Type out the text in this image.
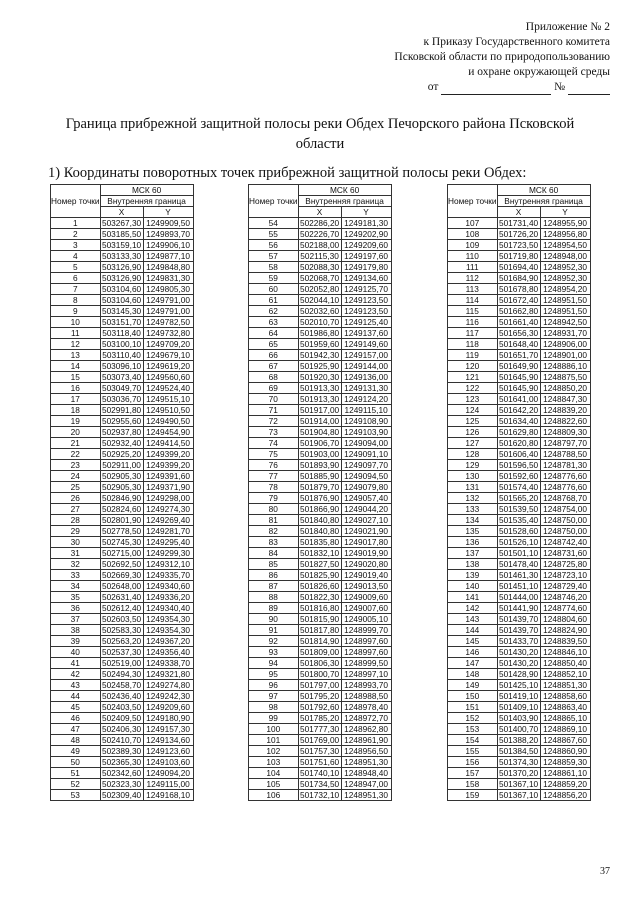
Приложение № 2
к Приказу Государственного комитета
Псковской области по природопользованию
и охране окружающей среды
от	№
Граница прибрежной защитной полосы реки Обдех Печорского района Псковской области
1) Координаты поворотных точек прибрежной защитной полосы реки Обдех:
Номер точки	МСК 60	
	Внутренняя граница	
	X	Y
1	503267,30	1249909,50
2	503185,50	1249893,70
3	503159,10	1249906,10
4	503133,30	1249877,10
5	503126,90	1249848,80
6	503126,90	1249831,30
7	503104,60	1249805,30
8	503104,60	1249791,00
9	503145,30	1249791,00
10	503151,70	1249782,50
11	503118,40	1249732,80
12	503100,10	1249709,20
13	503110,40	1249679,10
14	503096,10	1249619,20
15	503073,40	1249560,60
16	503049,70	1249524,40
17	503036,70	1249515,10
18	502991,80	1249510,50
19	502955,60	1249490,50
20	502937,80	1249454,90
21	502932,40	1249414,50
22	502925,20	1249399,20
23	502911,00	1249399,20
24	502905,30	1249391,60
25	502905,30	1249371,90
26	502846,90	1249298,00
27	502824,60	1249274,30
28	502801,90	1249269,40
29	502778,50	1249281,70
30	502745,30	1249295,40
31	502715,00	1249299,30
32	502692,50	1249312,10
33	502669,30	1249335,70
34	502648,00	1249340,60
35	502631,40	1249336,20
36	502612,40	1249340,40
37	502603,50	1249354,30
38	502583,30	1249354,30
39	502563,20	1249367,20
40	502537,30	1249356,40
41	502519,00	1249338,70
42	502494,30	1249321,80
43	502458,70	1249274,80
44	502436,40	1249242,30
45	502403,50	1249209,60
46	502409,50	1249180,90
47	502406,30	1249157,30
48	502410,70	1249134,60
49	502389,30	1249123,60
50	502365,30	1249103,60
51	502342,60	1249094,20
52	502323,30	1249115,00
53	502309,40	1249168,10
Номер точки	МСК 60	
	Внутренняя граница	
	X	Y
54	502286,20	1249181,30
55	502226,70	1249202,90
56	502188,00	1249209,60
57	502115,30	1249197,60
58	502088,30	1249179,80
59	502068,70	1249134,60
60	502052,80	1249125,70
61	502044,10	1249123,50
62	502032,60	1249123,50
63	502010,70	1249125,40
64	501986,80	1249137,60
65	501959,60	1249149,60
66	501942,30	1249157,00
67	501925,90	1249144,00
68	501920,30	1249136,00
69	501913,30	1249131,30
70	501913,30	1249124,20
71	501917,00	1249115,10
72	501914,00	1249108,90
73	501904,80	1249103,90
74	501906,70	1249094,00
75	501903,00	1249091,10
76	501893,90	1249097,70
77	501885,90	1249094,50
78	501879,70	1249079,80
79	501876,90	1249057,40
80	501866,90	1249044,20
81	501840,80	1249027,10
82	501840,80	1249021,90
83	501835,80	1249017,80
84	501832,10	1249019,90
85	501827,50	1249020,80
86	501825,90	1249019,40
87	501826,60	1249013,50
88	501822,30	1249009,60
89	501816,80	1249007,60
90	501815,90	1249005,10
91	501817,80	1248999,70
92	501814,90	1248997,60
93	501809,00	1248997,60
94	501806,30	1248999,50
95	501800,70	1248997,10
96	501797,00	1248993,70
97	501795,20	1248988,50
98	501792,60	1248978,40
99	501785,20	1248972,70
100	501777,30	1248962,80
101	501769,00	1248961,90
102	501757,30	1248956,50
103	501751,60	1248951,30
104	501740,10	1248948,40
105	501734,50	1248947,00
106	501732,10	1248951,30
Номер точки	МСК 60	
	Внутренняя граница	
	X	Y
107	501731,40	1248955,90
108	501726,20	1248956,80
109	501723,50	1248954,50
110	501719,80	1248948,00
111	501694,40	1248952,30
112	501684,90	1248952,30
113	501678,80	1248954,20
114	501672,40	1248951,50
115	501662,80	1248951,50
116	501661,40	1248942,50
117	501656,30	1248931,70
118	501648,40	1248906,00
119	501651,70	1248901,00
120	501649,90	1248886,10
121	501645,90	1248875,50
122	501645,90	1248850,20
123	501641,00	1248847,30
124	501642,20	1248839,20
125	501634,40	1248822,60
126	501629,80	1248809,30
127	501620,80	1248797,70
128	501606,40	1248788,50
129	501596,50	1248781,30
130	501592,60	1248776,60
131	501574,40	1248776,60
132	501565,20	1248768,70
133	501539,50	1248754,00
134	501535,40	1248750,00
135	501528,60	1248750,00
136	501526,10	1248742,40
137	501501,10	1248731,60
138	501478,40	1248725,80
139	501461,30	1248723,10
140	501451,10	1248729,40
141	501444,00	1248746,20
142	501441,90	1248774,60
143	501439,70	1248804,60
144	501439,70	1248824,90
145	501433,70	1248839,50
146	501430,20	1248846,10
147	501430,20	1248850,40
148	501428,90	1248852,10
149	501425,10	1248851,30
150	501419,10	1248858,60
151	501409,10	1248863,40
152	501403,90	1248865,10
153	501400,70	1248869,10
154	501388,20	1248867,60
155	501384,50	1248860,90
156	501374,30	1248859,30
157	501370,20	1248861,10
158	501367,10	1248859,20
159	501367,10	1248856,20
37
